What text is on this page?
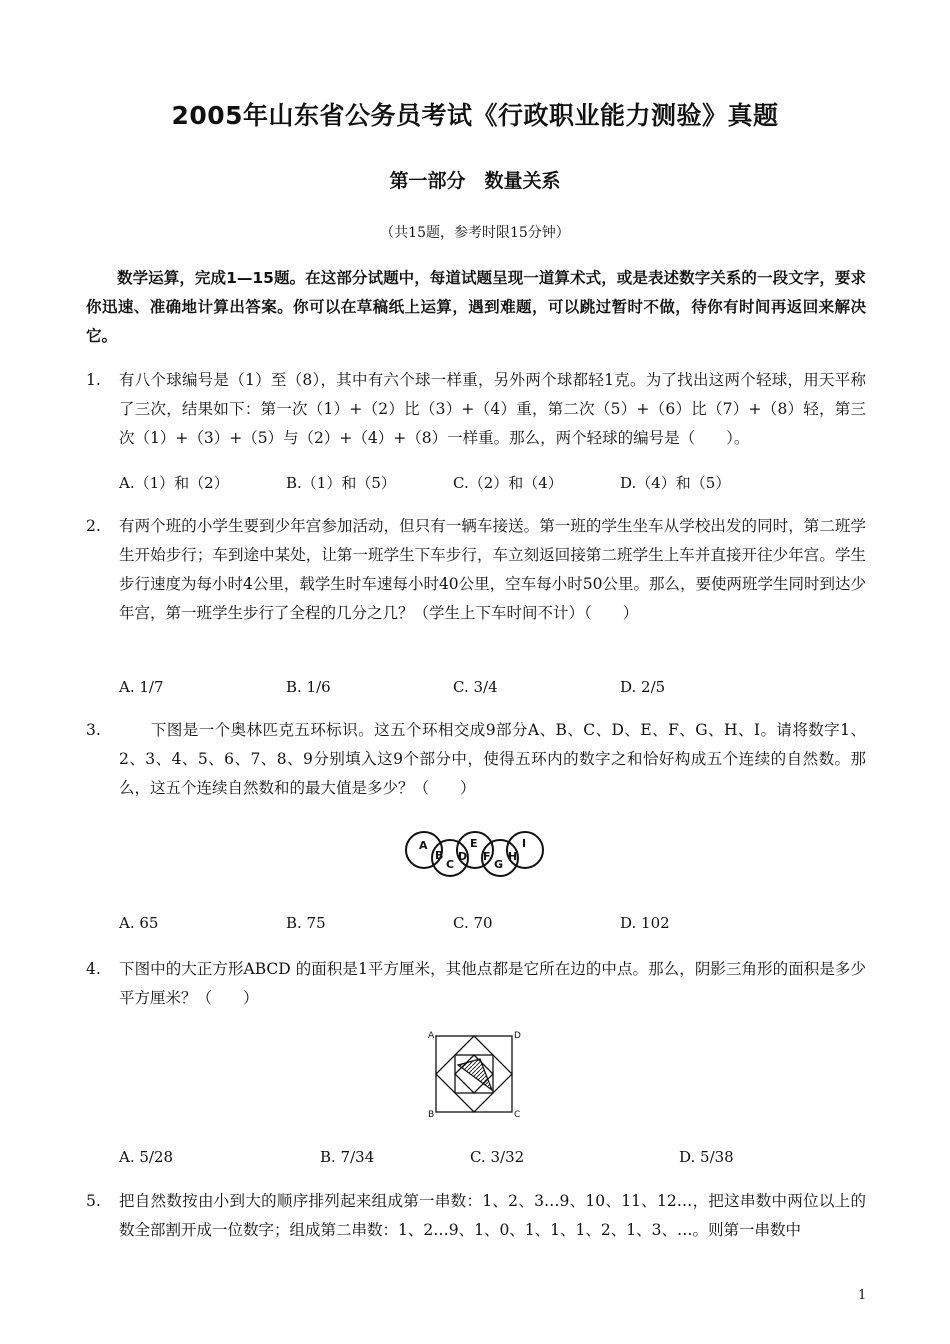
2005年山东省公务员考试《行政职业能力测验》真题
第一部分　数量关系
（共15题，参考时限15分钟）
数学运算，完成1—15题。在这部分试题中，每道试题呈现一道算术式，或是表述数字关系的一段文字，要求你迅速、准确地计算出答案。你可以在草稿纸上运算，遇到难题，可以跳过暂时不做，待你有时间再返回来解决它。
1. 有八个球编号是（1）至（8），其中有六个球一样重，另外两个球都轻1克。为了找出这两个轻球，用天平称了三次，结果如下：第一次（1）+（2）比（3）+（4）重，第二次（5）+（6）比（7）+（8）轻，第三次（1）+（3）+（5）与（2）+（4）+（8）一样重。那么，两个轻球的编号是（　　）。
A.（1）和（2）	B.（1）和（5）	C.（2）和（4）	D.（4）和（5）
2. 有两个班的小学生要到少年宫参加活动，但只有一辆车接送。第一班的学生坐车从学校出发的同时，第二班学生开始步行；车到途中某处，让第一班学生下车步行，车立刻返回接第二班学生上车并直接开往少年宫。学生步行速度为每小时4公里，载学生时车速每小时40公里，空车每小时50公里。那么，要使两班学生同时到达少年宫，第一班学生步行了全程的几分之几？（学生上下车时间不计）（　　）
A. 1/7	B. 1/6	C. 3/4	D. 2/5
3. 　　下图是一个奥林匹克五环标识。这五个环相交成9部分A、B、C、D、E、F、G、H、I。请将数字1、2、3、4、5、6、7、8、9分别填入这9个部分中，使得五环内的数字之和恰好构成五个连续的自然数。那么，这五个连续自然数和的最大值是多少？（　　）
A
B
C
D
E
F
G
H
I
A. 65	B. 75	C. 70	D. 102
4. 下图中的大正方形ABCD 的面积是1平方厘米，其他点都是它所在边的中点。那么，阴影三角形的面积是多少平方厘米？（　　）
A	D
B	C
A. 5/28	B. 7/34	C. 3/32	D. 5/38
5. 把自然数按由小到大的顺序排列起来组成第一串数：1、2、3…9、10、11、12…，把这串数中两位以上的数全部割开成一位数字；组成第二串数：1、2…9、1、0、1、1、1、2、1、3、…。则第一串数中
1
